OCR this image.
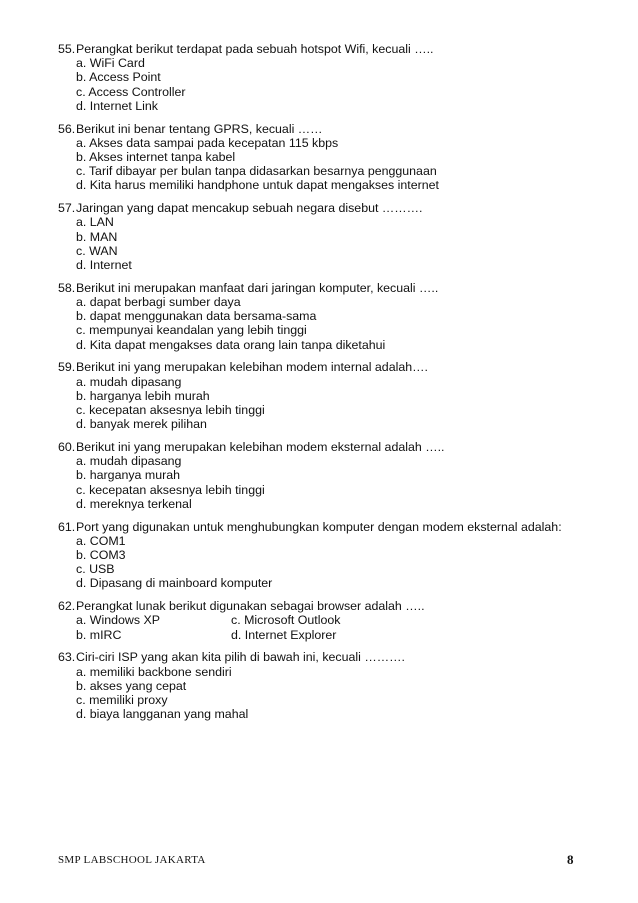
55. Perangkat berikut terdapat pada sebuah hotspot Wifi, kecuali …..
a. WiFi Card
b. Access Point
c. Access Controller
d. Internet Link
56. Berikut ini benar tentang GPRS, kecuali ……
a. Akses data sampai pada kecepatan 115 kbps
b. Akses internet tanpa kabel
c. Tarif dibayar per bulan tanpa didasarkan besarnya penggunaan
d. Kita harus memiliki handphone untuk dapat mengakses internet
57. Jaringan yang dapat mencakup sebuah negara disebut ……….
a. LAN
b. MAN
c. WAN
d. Internet
58. Berikut ini merupakan manfaat dari jaringan komputer, kecuali …..
a. dapat berbagi sumber daya
b. dapat menggunakan data bersama-sama
c. mempunyai keandalan yang lebih tinggi
d. Kita dapat mengakses data orang lain tanpa diketahui
59. Berikut ini yang merupakan kelebihan modem internal adalah….
a. mudah dipasang
b. harganya lebih murah
c. kecepatan aksesnya lebih tinggi
d. banyak merek pilihan
60. Berikut ini yang merupakan kelebihan modem eksternal adalah …..
a. mudah dipasang
b. harganya murah
c. kecepatan aksesnya lebih tinggi
d. mereknya terkenal
61. Port yang digunakan untuk menghubungkan komputer dengan modem eksternal adalah:
a. COM1
b. COM3
c. USB
d. Dipasang di mainboard komputer
62. Perangkat lunak berikut digunakan sebagai browser adalah …..
a. Windows XP	c. Microsoft Outlook
b. mIRC	d. Internet Explorer
63. Ciri-ciri ISP yang akan kita pilih di bawah ini, kecuali ……….
a. memiliki backbone sendiri
b. akses yang cepat
c. memiliki proxy
d. biaya langganan yang mahal
SMP LABSCHOOL JAKARTA	8
